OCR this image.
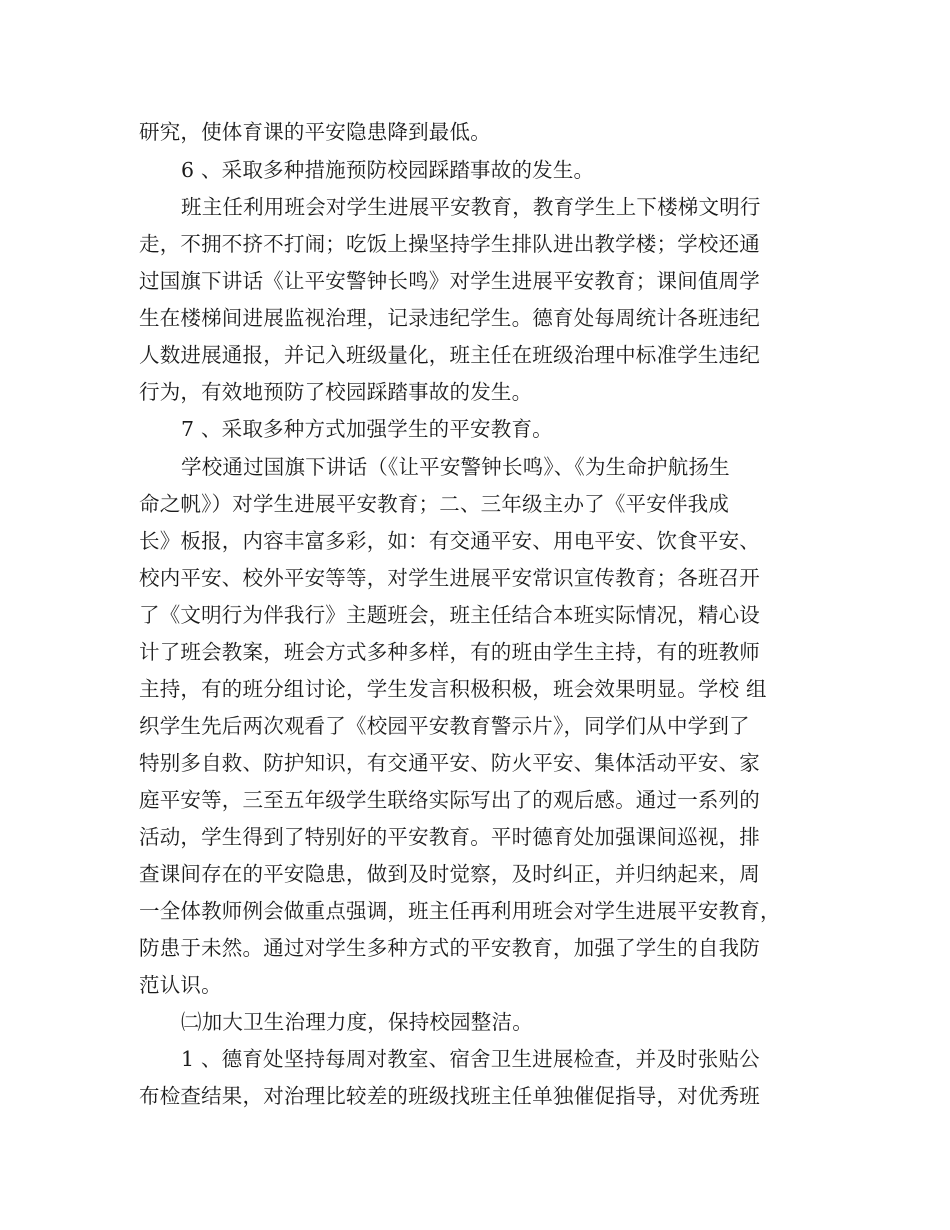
研究，使体育课的平安隐患降到最低。
6 、采取多种措施预防校园踩踏事故的发生。
班主任利用班会对学生进展平安教育，教育学生上下楼梯文明行
走，不拥不挤不打闹；吃饭上操坚持学生排队进出教学楼；学校还通
过国旗下讲话《让平安警钟长鸣》对学生进展平安教育；课间值周学
生在楼梯间进展监视治理，记录违纪学生。德育处每周统计各班违纪
人数进展通报，并记入班级量化，班主任在班级治理中标准学生违纪
行为，有效地预防了校园踩踏事故的发生。
7 、采取多种方式加强学生的平安教育。
学校通过国旗下讲话（《让平安警钟长鸣》、《为生命护航扬生
命之帆》）对学生进展平安教育；二、三年级主办了《平安伴我成
长》板报，内容丰富多彩，如：有交通平安、用电平安、饮食平安、
校内平安、校外平安等等，对学生进展平安常识宣传教育；各班召开
了《文明行为伴我行》主题班会，班主任结合本班实际情况，精心设
计了班会教案，班会方式多种多样，有的班由学生主持，有的班教师
主持，有的班分组讨论，学生发言积极积极，班会效果明显。学校 组
织学生先后两次观看了《校园平安教育警示片》，同学们从中学到了
特别多自救、防护知识，有交通平安、防火平安、集体活动平安、家
庭平安等，三至五年级学生联络实际写出了的观后感。通过一系列的
活动，学生得到了特别好的平安教育。平时德育处加强课间巡视，排
查课间存在的平安隐患，做到及时觉察，及时纠正，并归纳起来，周
一全体教师例会做重点强调，班主任再利用班会对学生进展平安教育，
防患于未然。通过对学生多种方式的平安教育，加强了学生的自我防
范认识。
㈡加大卫生治理力度，保持校园整洁。
1 、德育处坚持每周对教室、宿舍卫生进展检查，并及时张贴公
布检查结果，对治理比较差的班级找班主任单独催促指导，对优秀班
